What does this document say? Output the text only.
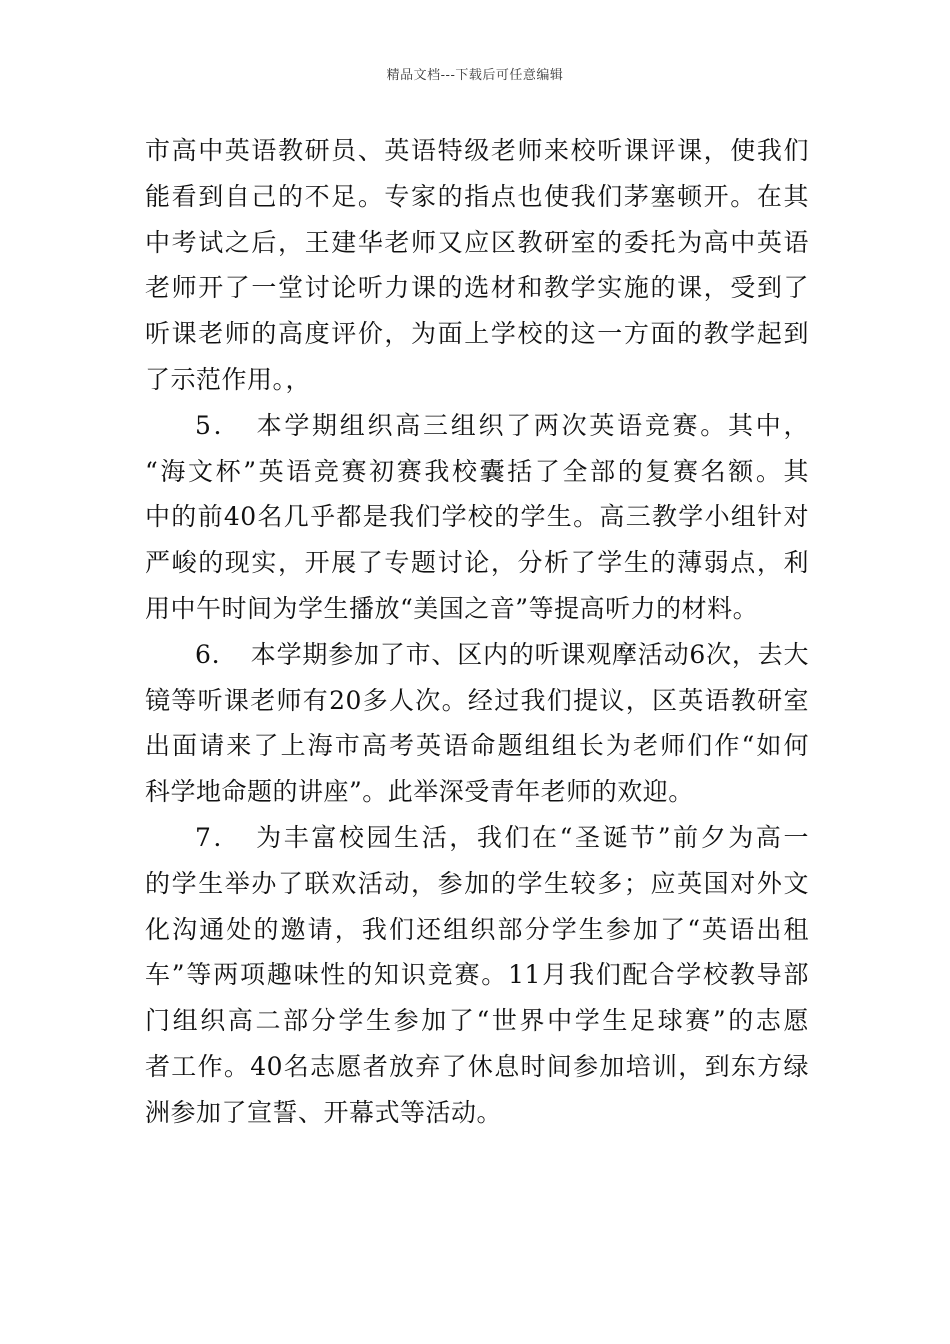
精品文档---下载后可任意编辑
市高中英语教研员、英语特级老师来校听课评课，使我们
能看到自己的不足。专家的指点也使我们茅塞顿开。在其
中考试之后，王建华老师又应区教研室的委托为高中英语
老师开了一堂讨论听力课的选材和教学实施的课，受到了
听课老师的高度评价，为面上学校的这一方面的教学起到
了示范作用。，
5．　本学期组织高三组织了两次英语竞赛。其中，
“海文杯”英语竞赛初赛我校囊括了全部的复赛名额。其
中的前40名几乎都是我们学校的学生。高三教学小组针对
严峻的现实，开展了专题讨论，分析了学生的薄弱点，利
用中午时间为学生播放“美国之音”等提高听力的材料。
6．　本学期参加了市、区内的听课观摩活动6次，去大
镜等听课老师有20多人次。经过我们提议，区英语教研室
出面请来了上海市高考英语命题组组长为老师们作“如何
科学地命题的讲座”。此举深受青年老师的欢迎。
7．　为丰富校园生活，我们在“圣诞节”前夕为高一
的学生举办了联欢活动，参加的学生较多；应英国对外文
化沟通处的邀请，我们还组织部分学生参加了“英语出租
车”等两项趣味性的知识竞赛。11月我们配合学校教导部
门组织高二部分学生参加了“世界中学生足球赛”的志愿
者工作。40名志愿者放弃了休息时间参加培训，到东方绿
洲参加了宣誓、开幕式等活动。
